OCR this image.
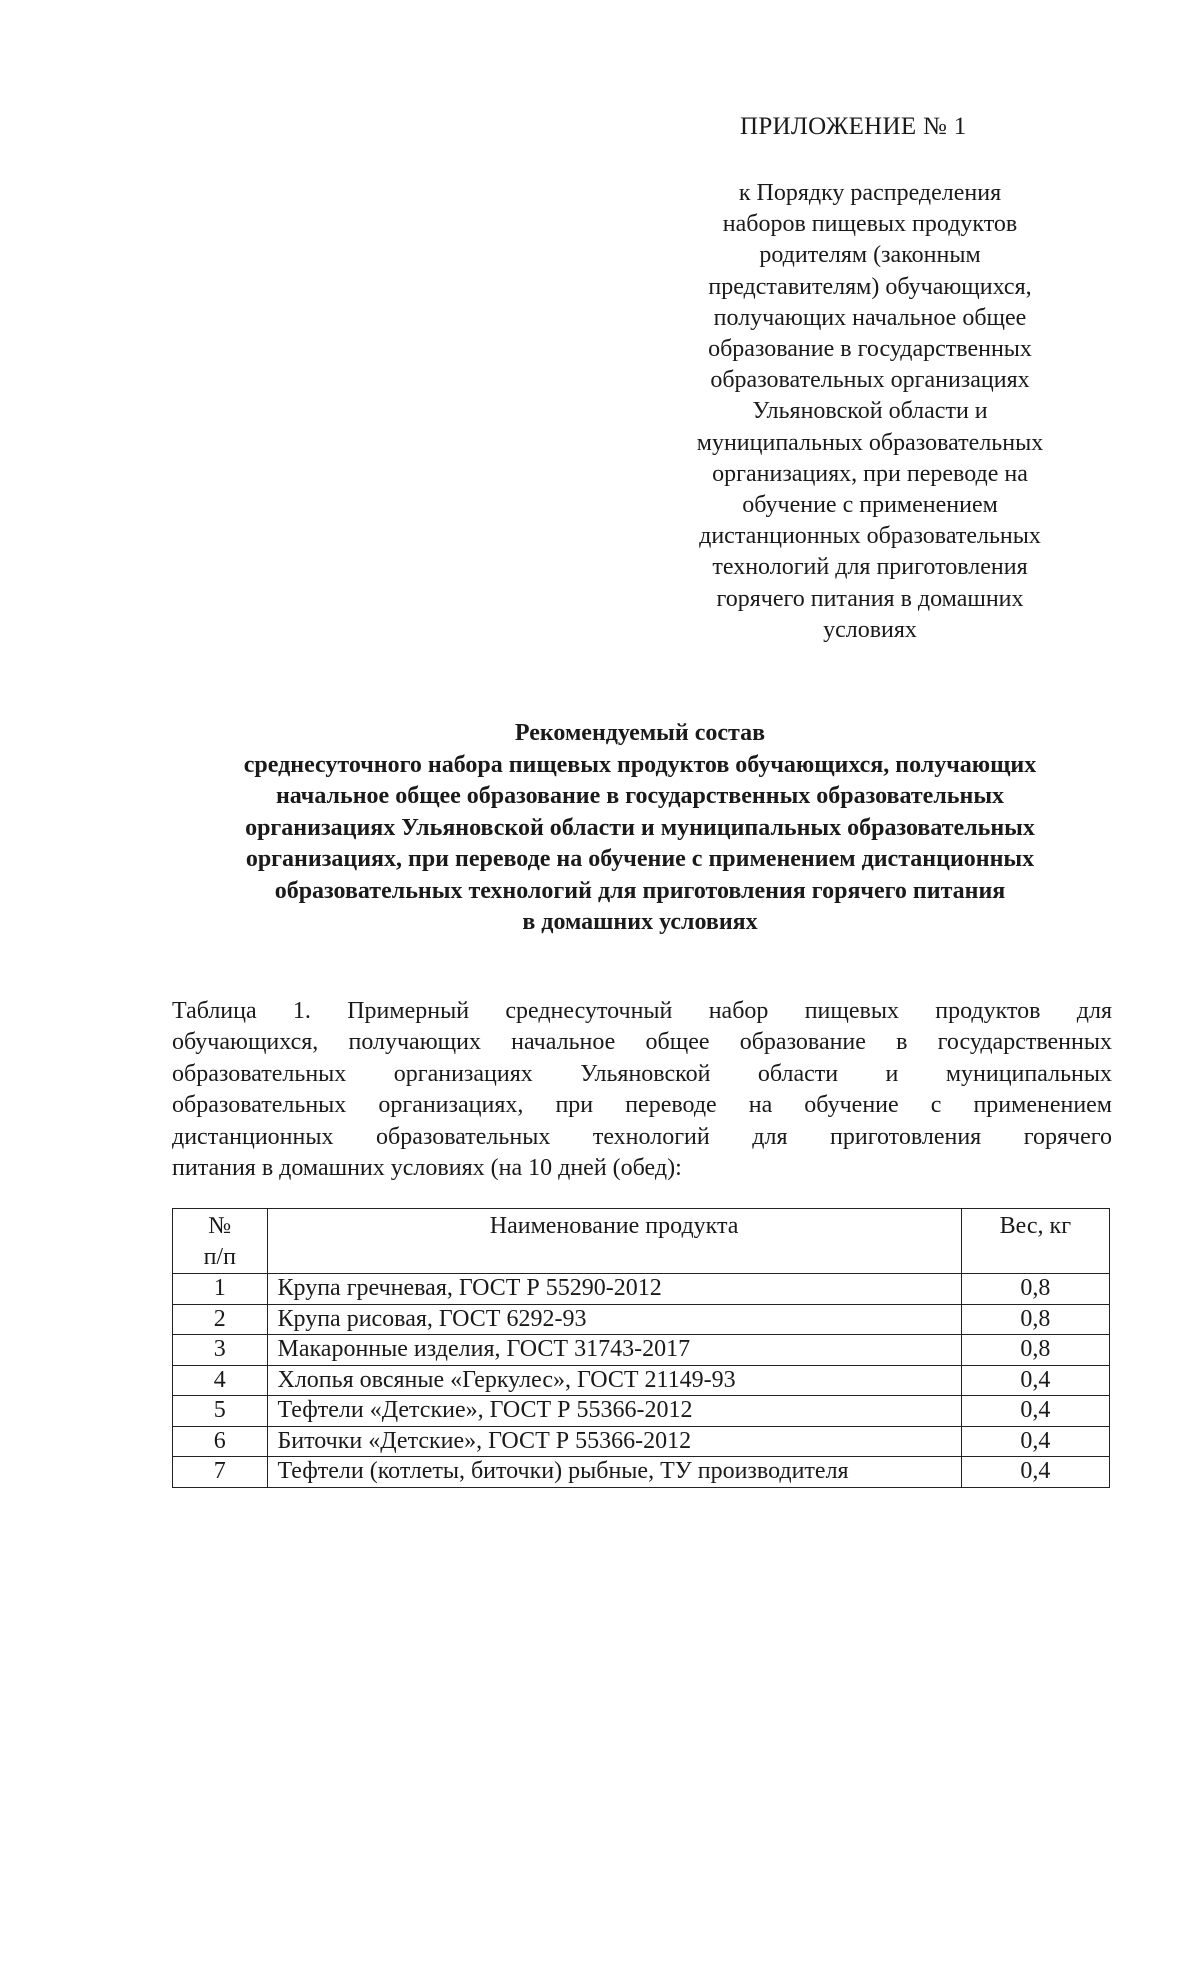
ПРИЛОЖЕНИЕ № 1
к Порядку распределения
наборов пищевых продуктов
родителям (законным
представителям) обучающихся,
получающих начальное общее
образование в государственных
образовательных организациях
Ульяновской области и
муниципальных образовательных
организациях, при переводе на
обучение с применением
дистанционных образовательных
технологий для приготовления
горячего питания в домашних
условиях
Рекомендуемый состав
среднесуточного набора пищевых продуктов обучающихся, получающих
начальное общее образование в государственных образовательных
организациях Ульяновской области и муниципальных образовательных
организациях, при переводе на обучение с применением дистанционных
образовательных технологий для приготовления горячего питания
в домашних условиях
Таблица 1. Примерный среднесуточный набор пищевых продуктов для
обучающихся, получающих начальное общее образование в государственных
образовательных организациях Ульяновской области и муниципальных
образовательных организациях, при переводе на обучение с применением
дистанционных образовательных технологий для приготовления горячего
питания в домашних условиях (на 10 дней (обед):
№
п/п	Наименование продукта	Вес, кг
1	Крупа гречневая, ГОСТ Р 55290-2012	0,8
2	Крупа рисовая, ГОСТ 6292-93	0,8
3	Макаронные изделия, ГОСТ 31743-2017	0,8
4	Хлопья овсяные «Геркулес», ГОСТ 21149-93	0,4
5	Тефтели «Детские», ГОСТ Р 55366-2012	0,4
6	Биточки «Детские», ГОСТ Р 55366-2012	0,4
7	Тефтели (котлеты, биточки) рыбные, ТУ производителя	0,4
